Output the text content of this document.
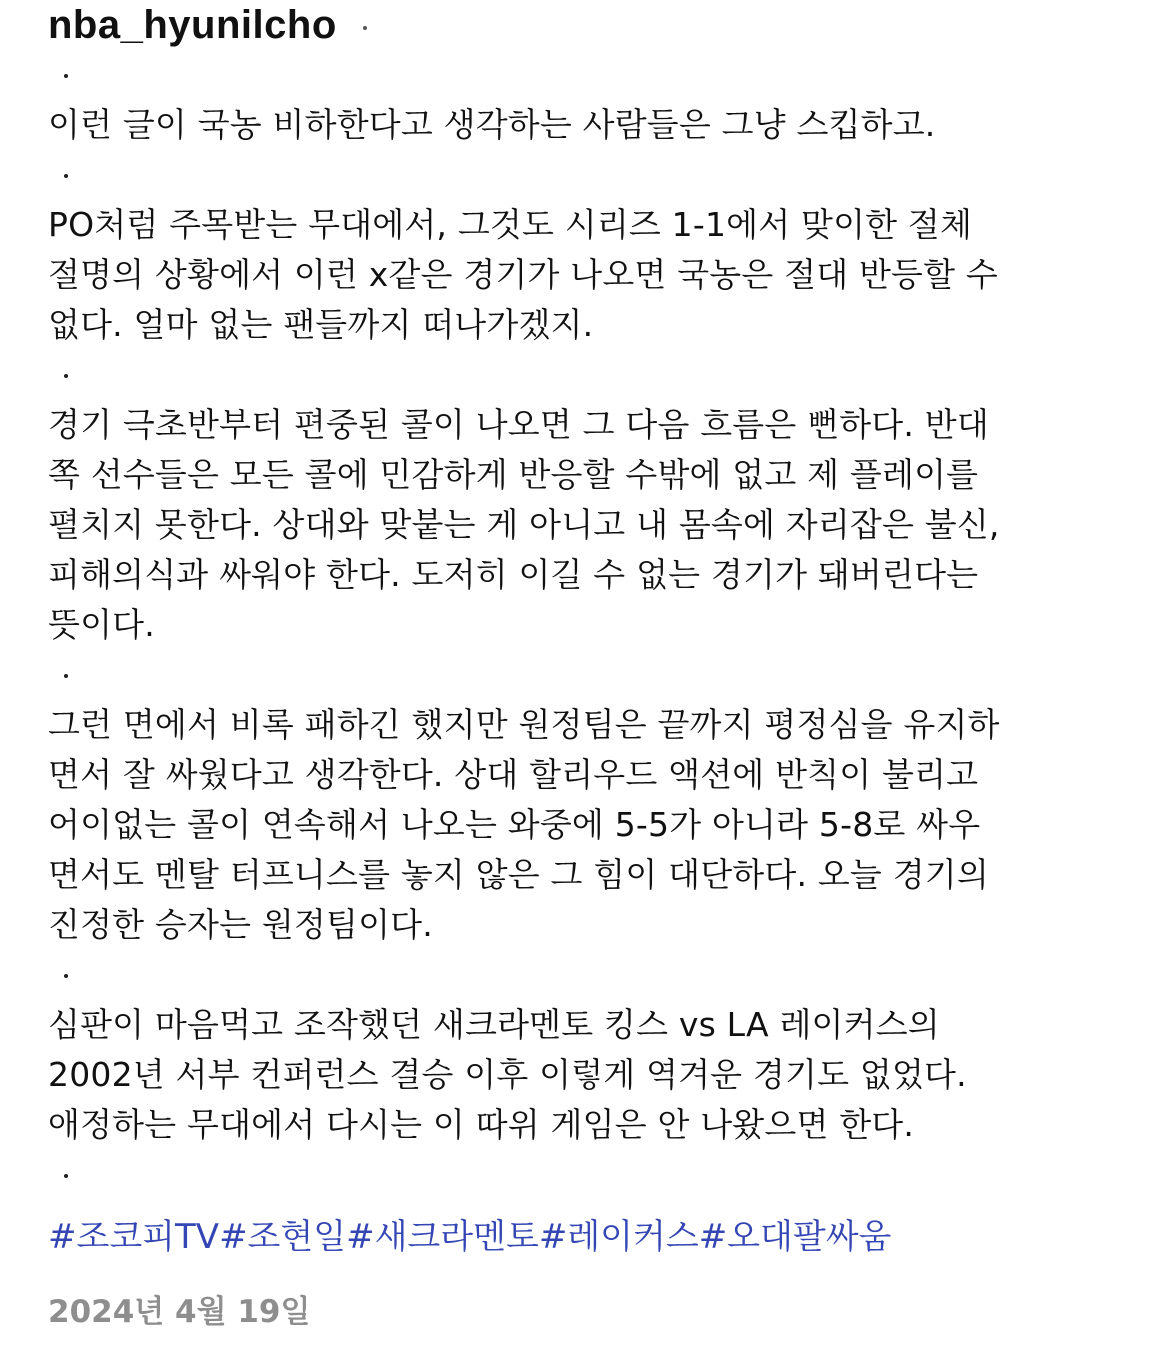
nba_hyunilcho

이런 글이 국농 비하한다고 생각하는 사람들은 그냥 스킵하고.

PO처럼 주목받는 무대에서, 그것도 시리즈 1-1에서 맞이한 절체

절명의 상황에서 이런 x같은 경기가 나오면 국농은 절대 반등할 수

없다. 얼마 없는 팬들까지 떠나가겠지.

경기 극초반부터 편중된 콜이 나오면 그 다음 흐름은 뻔하다. 반대

쪽 선수들은 모든 콜에 민감하게 반응할 수밖에 없고 제 플레이를

펼치지 못한다. 상대와 맞붙는 게 아니고 내 몸속에 자리잡은 불신,

피해의식과 싸워야 한다. 도저히 이길 수 없는 경기가 돼버린다는

뜻이다.

그런 면에서 비록 패하긴 했지만 원정팀은 끝까지 평정심을 유지하

면서 잘 싸웠다고 생각한다. 상대 할리우드 액션에 반칙이 불리고

어이없는 콜이 연속해서 나오는 와중에 5-5가 아니라 5-8로 싸우

면서도 멘탈 터프니스를 놓지 않은 그 힘이 대단하다. 오늘 경기의

진정한 승자는 원정팀이다.

심판이 마음먹고 조작했던 새크라멘토 킹스 vs LA 레이커스의

2002년 서부 컨퍼런스 결승 이후 이렇게 역겨운 경기도 없었다.

애정하는 무대에서 다시는 이 따위 게임은 안 나왔으면 한다.

#조코피TV#조현일#새크라멘토#레이커스#오대팔싸움
2024년 4월 19일
